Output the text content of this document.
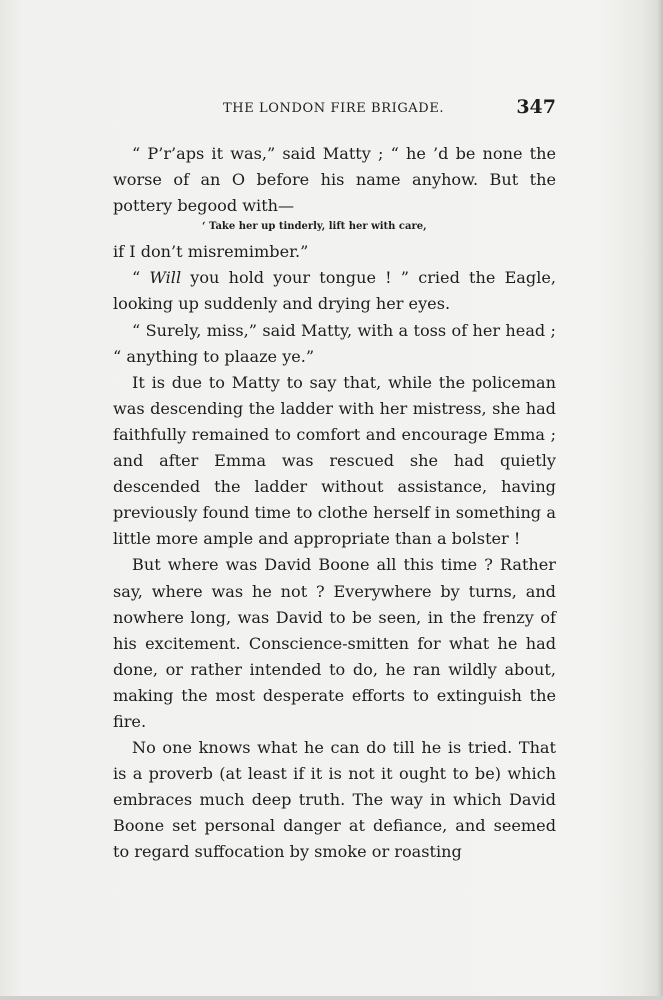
THE LONDON FIRE BRIGADE.	347

“ P’r’aps it was,” said Matty ; “ he ’d be none the worse of an O before his name anyhow. But the pottery begood with—

‘ Take her up tinderly, lift her with care,

if I don’t misremimber.”

“ Will you hold your tongue ! ” cried the Eagle, looking up suddenly and drying her eyes.

“ Surely, miss,” said Matty, with a toss of her head ; “ anything to plaaze ye.”

It is due to Matty to say that, while the policeman was descending the ladder with her mistress, she had faithfully remained to comfort and encourage Emma ; and after Emma was rescued she had quietly descended the ladder without assistance, having previously found time to clothe herself in something a little more ample and appropriate than a bolster !

But where was David Boone all this time ? Rather say, where was he not ? Everywhere by turns, and nowhere long, was David to be seen, in the frenzy of his excitement. Conscience-smitten for what he had done, or rather intended to do, he ran wildly about, making the most desperate efforts to extinguish the fire.

No one knows what he can do till he is tried. That is a proverb (at least if it is not it ought to be) which embraces much deep truth. The way in which David Boone set personal danger at defiance, and seemed to regard suffocation by smoke or roasting
